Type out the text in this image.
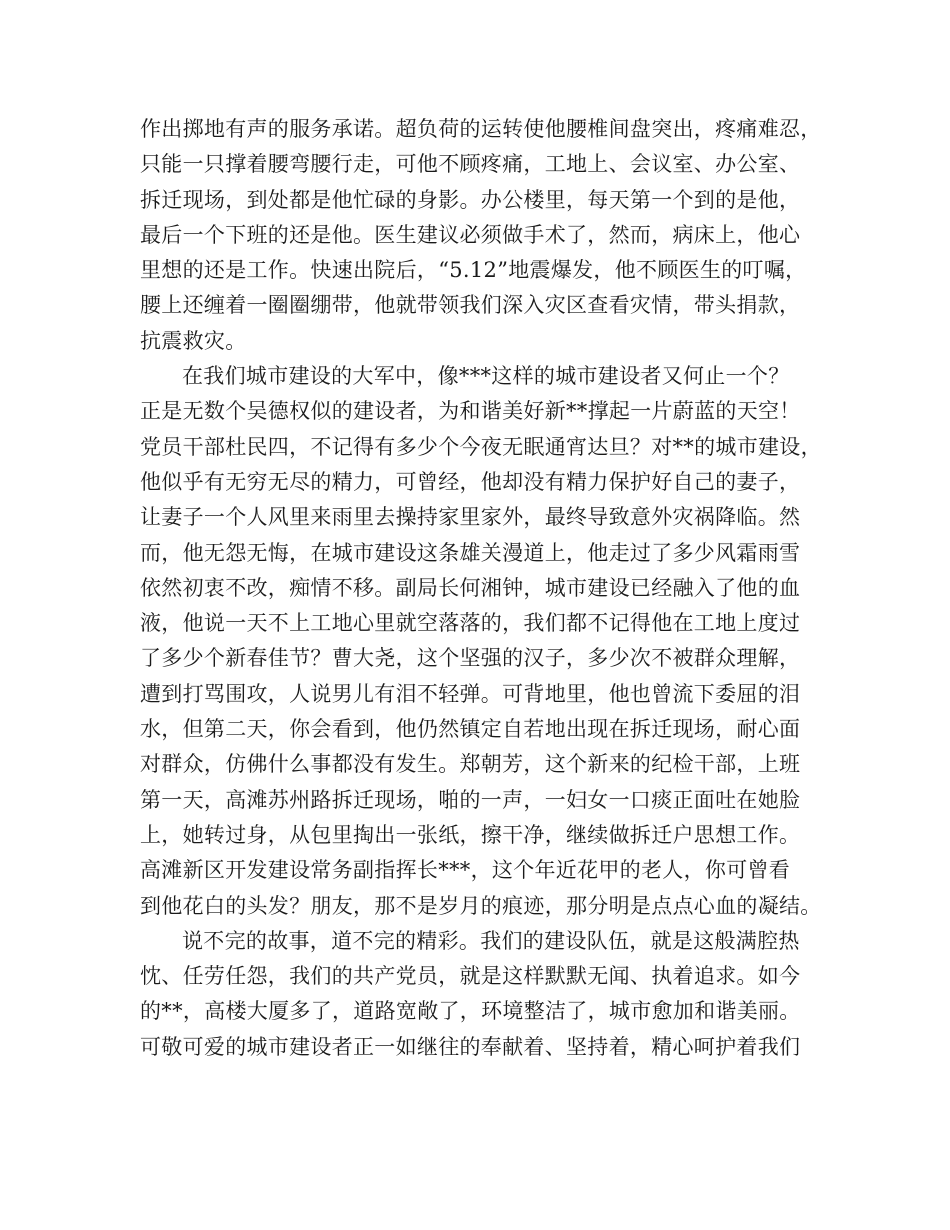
作出掷地有声的服务承诺。超负荷的运转使他腰椎间盘突出，疼痛难忍，
只能一只撑着腰弯腰行走，可他不顾疼痛，工地上、会议室、办公室、
拆迁现场，到处都是他忙碌的身影。办公楼里，每天第一个到的是他，
最后一个下班的还是他。医生建议必须做手术了，然而，病床上，他心
里想的还是工作。快速出院后，“5.12”地震爆发，他不顾医生的叮嘱，
腰上还缠着一圈圈绷带，他就带领我们深入灾区查看灾情，带头捐款，
抗震救灾。
在我们城市建设的大军中，像***这样的城市建设者又何止一个？
正是无数个吴德权似的建设者，为和谐美好新**撑起一片蔚蓝的天空！
党员干部杜民四，不记得有多少个今夜无眠通宵达旦？对**的城市建设，
他似乎有无穷无尽的精力，可曾经，他却没有精力保护好自己的妻子，
让妻子一个人风里来雨里去操持家里家外，最终导致意外灾祸降临。然
而，他无怨无悔，在城市建设这条雄关漫道上，他走过了多少风霜雨雪
依然初衷不改，痴情不移。副局长何湘钟，城市建设已经融入了他的血
液，他说一天不上工地心里就空落落的，我们都不记得他在工地上度过
了多少个新春佳节？曹大尧，这个坚强的汉子，多少次不被群众理解，
遭到打骂围攻，人说男儿有泪不轻弹。可背地里，他也曾流下委屈的泪
水，但第二天，你会看到，他仍然镇定自若地出现在拆迁现场，耐心面
对群众，仿佛什么事都没有发生。郑朝芳，这个新来的纪检干部，上班
第一天，高滩苏州路拆迁现场，啪的一声，一妇女一口痰正面吐在她脸
上，她转过身，从包里掏出一张纸，擦干净，继续做拆迁户思想工作。
高滩新区开发建设常务副指挥长***，这个年近花甲的老人，你可曾看
到他花白的头发？朋友，那不是岁月的痕迹，那分明是点点心血的凝结。
说不完的故事，道不完的精彩。我们的建设队伍，就是这般满腔热
忱、任劳任怨，我们的共产党员，就是这样默默无闻、执着追求。如今
的**，高楼大厦多了，道路宽敞了，环境整洁了，城市愈加和谐美丽。
可敬可爱的城市建设者正一如继往的奉献着、坚持着，精心呵护着我们
